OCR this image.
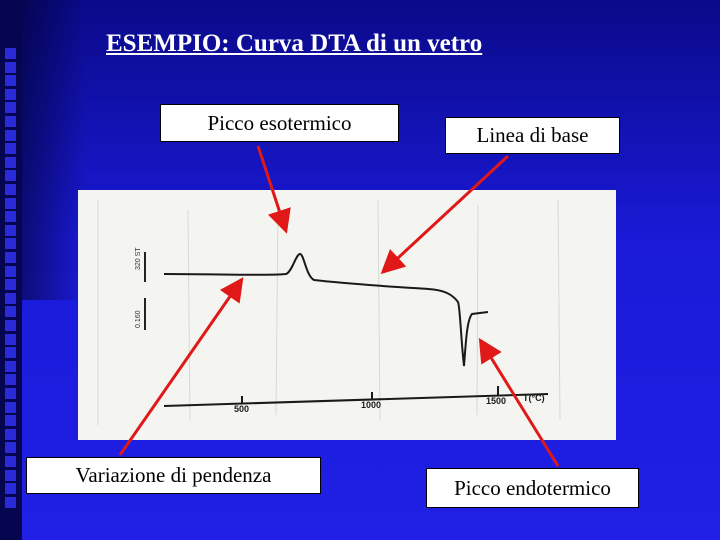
ESEMPIO: Curva DTA di un vetro
320 ST
0.160
500	1000	1500 T(°C)
Picco esotermico
Linea di base
Variazione di pendenza
Picco endotermico
